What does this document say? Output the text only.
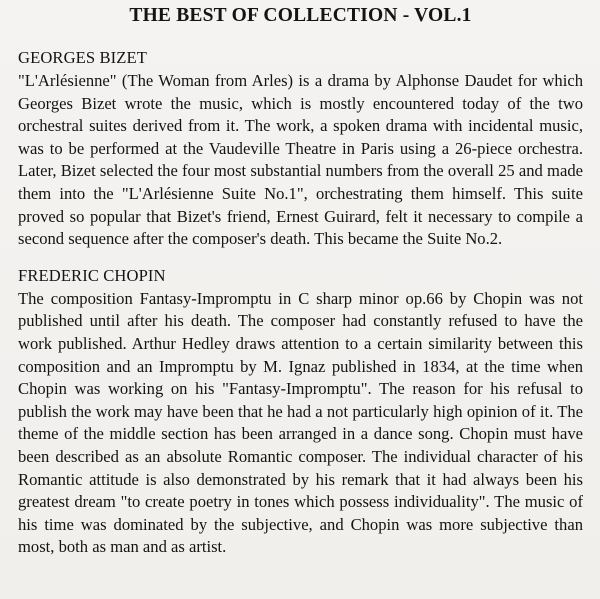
THE BEST OF COLLECTION - VOL.1

GEORGES BIZET

"L'Arlésienne" (The Woman from Arles) is a drama by Alphonse Daudet for which Georges Bizet wrote the music, which is mostly encountered today of the two orchestral suites derived from it. The work, a spoken drama with incidental music, was to be performed at the Vaudeville Theatre in Paris using a 26-piece orchestra. Later, Bizet selected the four most substantial numbers from the overall 25 and made them into the "L'Arlésienne Suite No.1", orchestrating them himself. This suite proved so popular that Bizet's friend, Ernest Guirard, felt it necessary to compile a second sequence after the composer's death. This became the Suite No.2.

FREDERIC CHOPIN

The composition Fantasy-Impromptu in C sharp minor op.66 by Chopin was not published until after his death. The composer had constantly refused to have the work published. Arthur Hedley draws attention to a certain similarity between this composition and an Impromptu by M. Ignaz published in 1834, at the time when Chopin was working on his "Fantasy-Impromptu". The reason for his refusal to publish the work may have been that he had a not particularly high opinion of it. The theme of the middle section has been arranged in a dance song. Chopin must have been described as an absolute Romantic composer. The individual character of his Romantic attitude is also demonstrated by his remark that it had always been his greatest dream "to create poetry in tones which possess individuality". The music of his time was dominated by the subjective, and Chopin was more subjective than most, both as man and as artist.
